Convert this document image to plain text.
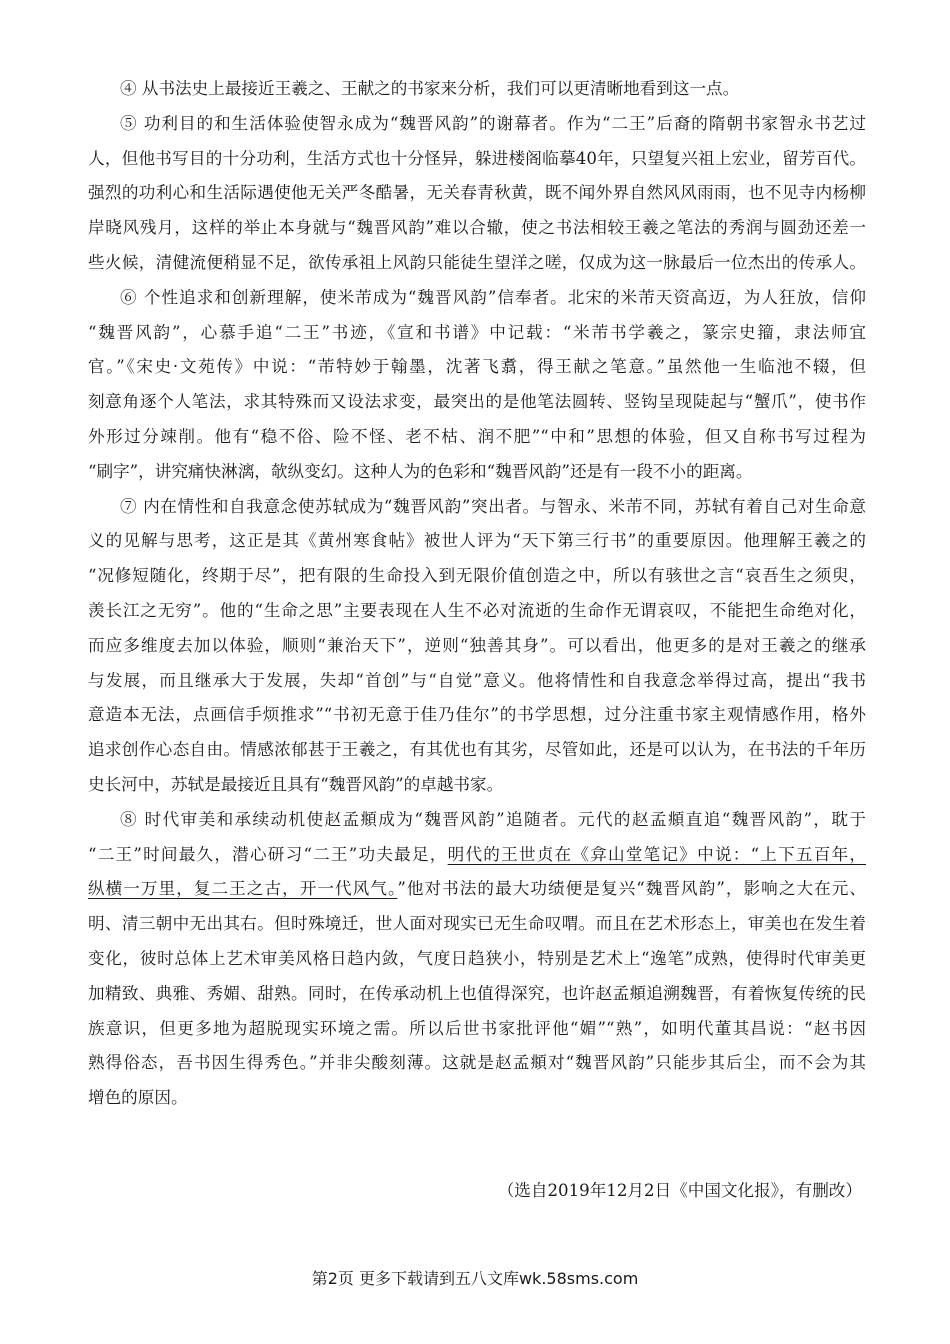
④ 从书法史上最接近王羲之、王献之的书家来分析，我们可以更清晰地看到这一点。
⑤ 功利目的和生活体验使智永成为“魏晋风韵”的谢幕者。作为“二王”后裔的隋朝书家智永书艺过
人，但他书写目的十分功利，生活方式也十分怪异，躲进楼阁临摹40年，只望复兴祖上宏业，留芳百代。
强烈的功利心和生活际遇使他无关严冬酷暑，无关春青秋黄，既不闻外界自然风风雨雨，也不见寺内杨柳
岸晓风残月，这样的举止本身就与“魏晋风韵”难以合辙，使之书法相较王羲之笔法的秀润与圆劲还差一
些火候，清健流便稍显不足，欲传承祖上风韵只能徒生望洋之嗟，仅成为这一脉最后一位杰出的传承人。
⑥ 个性追求和创新理解，使米芾成为“魏晋风韵”信奉者。北宋的米芾天资高迈，为人狂放，信仰
“魏晋风韵”，心慕手追“二王”书迹，《宣和书谱》中记载：“米芾书学羲之，篆宗史籀，隶法师宜
官。”《宋史·文苑传》中说：“芾特妙于翰墨，沈著飞翥，得王献之笔意。”虽然他一生临池不辍，但
刻意角逐个人笔法，求其特殊而又设法求变，最突出的是他笔法圆转、竖钩呈现陡起与“蟹爪”，使书作
外形过分竦削。他有“稳不俗、险不怪、老不枯、润不肥”“中和”思想的体验，但又自称书写过程为
“刷字”，讲究痛快淋漓，欹纵变幻。这种人为的色彩和“魏晋风韵”还是有一段不小的距离。
⑦ 内在情性和自我意念使苏轼成为“魏晋风韵”突出者。与智永、米芾不同，苏轼有着自己对生命意
义的见解与思考，这正是其《黄州寒食帖》被世人评为“天下第三行书”的重要原因。他理解王羲之的
“况修短随化，终期于尽”，把有限的生命投入到无限价值创造之中，所以有骇世之言“哀吾生之须臾，
羡长江之无穷”。他的“生命之思”主要表现在人生不必对流逝的生命作无谓哀叹，不能把生命绝对化，
而应多维度去加以体验，顺则“兼治天下”，逆则“独善其身”。可以看出，他更多的是对王羲之的继承
与发展，而且继承大于发展，失却“首创”与“自觉”意义。他将情性和自我意念举得过高，提出“我书
意造本无法，点画信手烦推求”“书初无意于佳乃佳尔”的书学思想，过分注重书家主观情感作用，格外
追求创作心态自由。情感浓郁甚于王羲之，有其优也有其劣，尽管如此，还是可以认为，在书法的千年历
史长河中，苏轼是最接近且具有“魏晋风韵”的卓越书家。
⑧ 时代审美和承续动机使赵孟頫成为“魏晋风韵”追随者。元代的赵孟頫直追“魏晋风韵”，耽于
“二王”时间最久，潜心研习“二王”功夫最足，明代的王世贞在《弇山堂笔记》中说：“上下五百年，
纵横一万里，复二王之古，开一代风气。”他对书法的最大功绩便是复兴“魏晋风韵”，影响之大在元、
明、清三朝中无出其右。但时殊境迁，世人面对现实已无生命叹喟。而且在艺术形态上，审美也在发生着
变化，彼时总体上艺术审美风格日趋内敛，气度日趋狭小，特别是艺术上“逸笔”成熟，使得时代审美更
加精致、典雅、秀媚、甜熟。同时，在传承动机上也值得深究，也许赵孟頫追溯魏晋，有着恢复传统的民
族意识，但更多地为超脱现实环境之需。所以后世书家批评他“媚”“熟”，如明代董其昌说：“赵书因
熟得俗态，吾书因生得秀色。”并非尖酸刻薄。这就是赵孟頫对“魏晋风韵”只能步其后尘，而不会为其
增色的原因。
（选自2019年12月2日《中国文化报》，有删改）
第2页 更多下载请到五八文库wk.58sms.com
